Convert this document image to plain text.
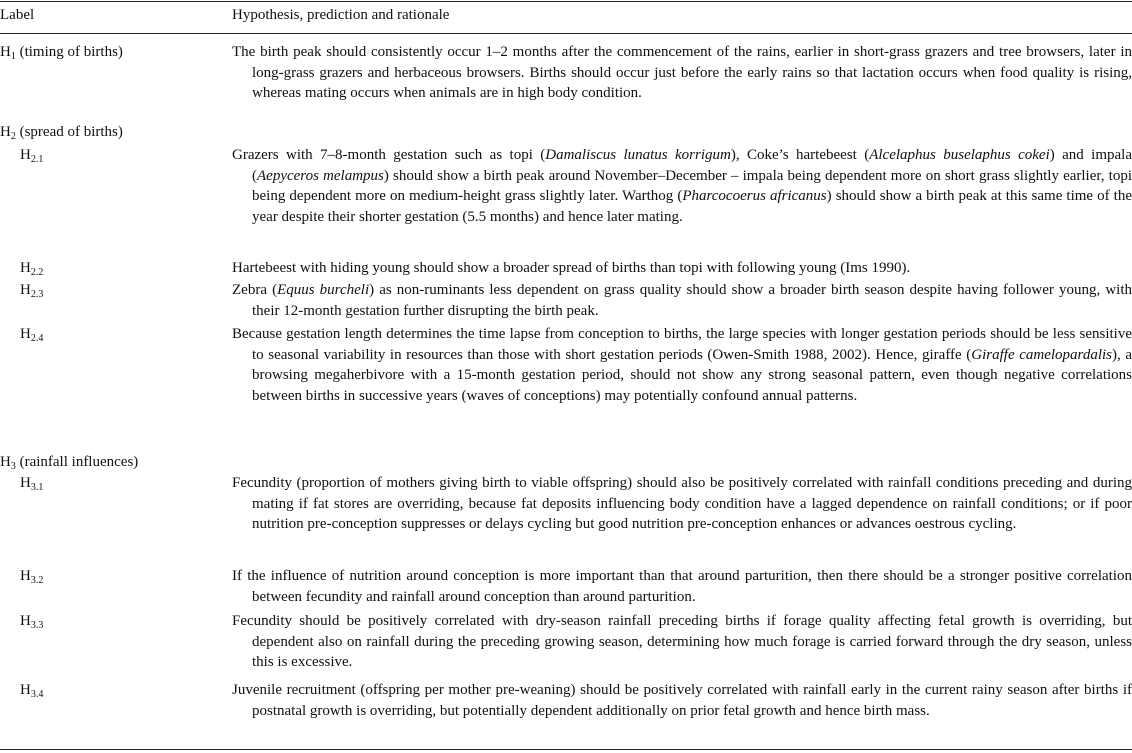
Label	Hypothesis, prediction and rationale
$H_1$ (timing of births)	The birth peak should consistently occur 1–2 months after the commencement of the rains, earlier in short-grass grazers and tree browsers, later in long-grass grazers and herbaceous browsers. Births should occur just before the early rains so that lactation occurs when food quality is rising, whereas mating occurs when animals are in high body condition.
$H_2$ (spread of births)
$H_{2.1}$	Grazers with 7–8-month gestation such as topi (Damaliscus lunatus korrigum), Coke’s hartebeest (Alcelaphus buselaphus cokei) and impala (Aepyceros melampus) should show a birth peak around November–December – impala being dependent more on short grass slightly earlier, topi being dependent more on medium-height grass slightly later. Warthog (Pharcocoerus africanus) should show a birth peak at this same time of the year despite their shorter gestation (5.5 months) and hence later mating.
$H_{2.2}$	Hartebeest with hiding young should show a broader spread of births than topi with following young (Ims 1990).
$H_{2.3}$	Zebra (Equus burcheli) as non-ruminants less dependent on grass quality should show a broader birth season despite having follower young, with their 12-month gestation further disrupting the birth peak.
$H_{2.4}$	Because gestation length determines the time lapse from conception to births, the large species with longer gestation periods should be less sensitive to seasonal variability in resources than those with short gestation periods (Owen-Smith 1988, 2002). Hence, giraffe (Giraffe camelopardalis), a browsing megaherbivore with a 15-month gestation period, should not show any strong seasonal pattern, even though negative correlations between births in successive years (waves of conceptions) may potentially confound annual patterns.
$H_3$ (rainfall influences)
$H_{3.1}$	Fecundity (proportion of mothers giving birth to viable offspring) should also be positively correlated with rainfall conditions preceding and during mating if fat stores are overriding, because fat deposits influencing body condition have a lagged dependence on rainfall conditions; or if poor nutrition pre-conception suppresses or delays cycling but good nutrition pre-conception enhances or advances oestrous cycling.
$H_{3.2}$	If the influence of nutrition around conception is more important than that around parturition, then there should be a stronger positive correlation between fecundity and rainfall around conception than around parturition.
$H_{3.3}$	Fecundity should be positively correlated with dry-season rainfall preceding births if forage quality affecting fetal growth is overriding, but dependent also on rainfall during the preceding growing season, determining how much forage is carried forward through the dry season, unless this is excessive.
$H_{3.4}$	Juvenile recruitment (offspring per mother pre-weaning) should be positively correlated with rainfall early in the current rainy season after births if postnatal growth is overriding, but potentially dependent additionally on prior fetal growth and hence birth mass.
